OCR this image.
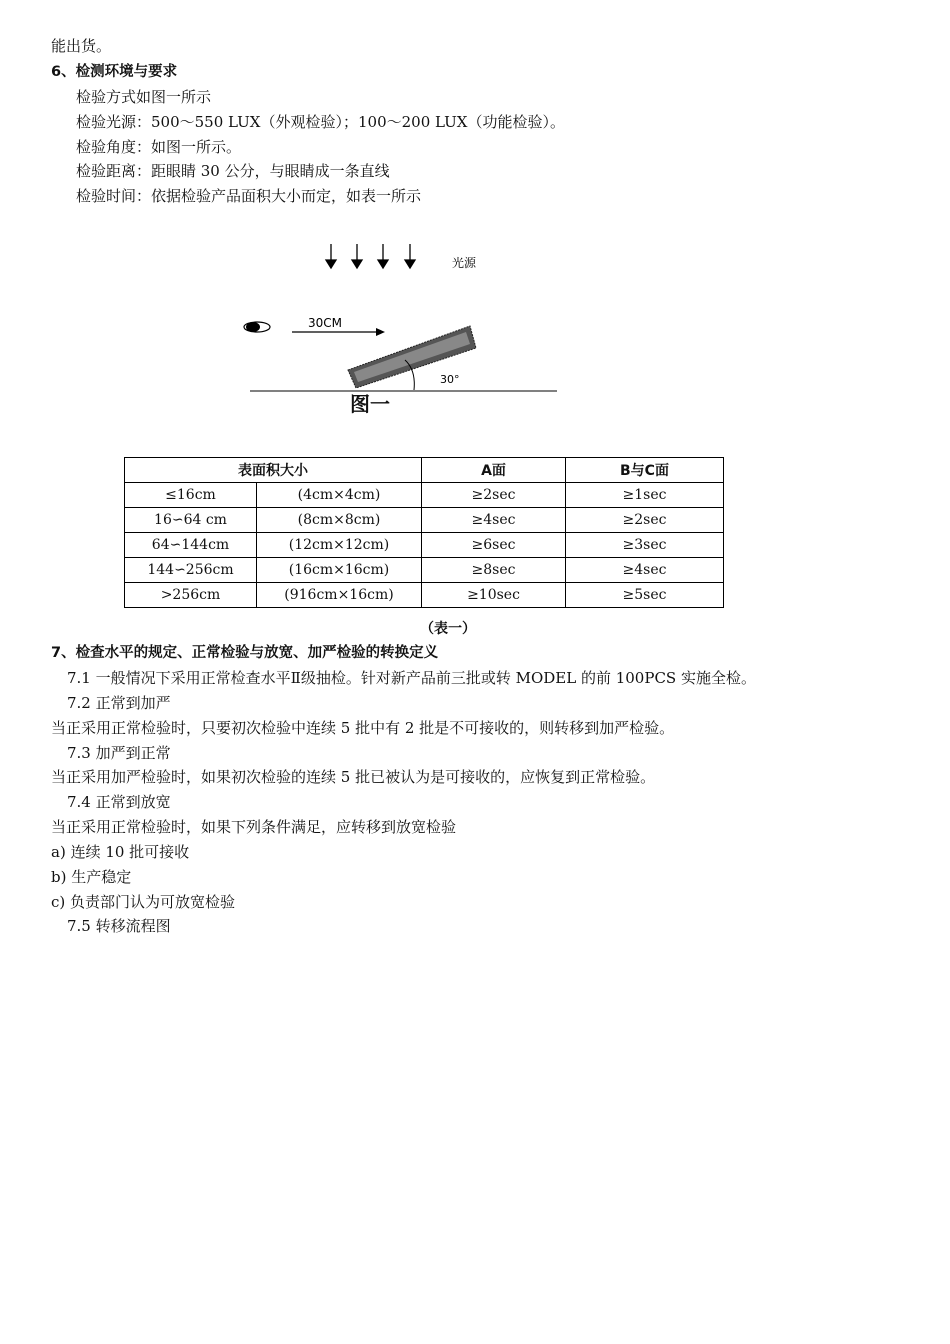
能出货。
6、检测环境与要求
检验方式如图一所示
检验光源：500～550 LUX（外观检验）；100～200 LUX（功能检验）。
检验角度：如图一所示。
检验距离：距眼睛 30 公分，与眼睛成一条直线
检验时间：依据检验产品面积大小而定，如表一所示
光源
30CM
30°
图一
表面积大小		A面	B与C面
≤16cm	(4cm×4cm)	≥2sec	≥1sec
16∽64 cm	(8cm×8cm)	≥4sec	≥2sec
64∽144cm	(12cm×12cm)	≥6sec	≥3sec
144∽256cm	(16cm×16cm)	≥8sec	≥4sec
>256cm	(916cm×16cm)	≥10sec	≥5sec
（表一）
7、检查水平的规定、正常检验与放宽、加严检验的转换定义
7.1 一般情况下采用正常检查水平Ⅱ级抽检。针对新产品前三批或转 MODEL 的前 100PCS 实施全检。
7.2 正常到加严
当正采用正常检验时，只要初次检验中连续 5 批中有 2 批是不可接收的，则转移到加严检验。
7.3 加严到正常
当正采用加严检验时，如果初次检验的连续 5 批已被认为是可接收的，应恢复到正常检验。
7.4 正常到放宽
当正采用正常检验时，如果下列条件满足，应转移到放宽检验
a) 连续 10 批可接收
b) 生产稳定
c) 负责部门认为可放宽检验
7.5 转移流程图
